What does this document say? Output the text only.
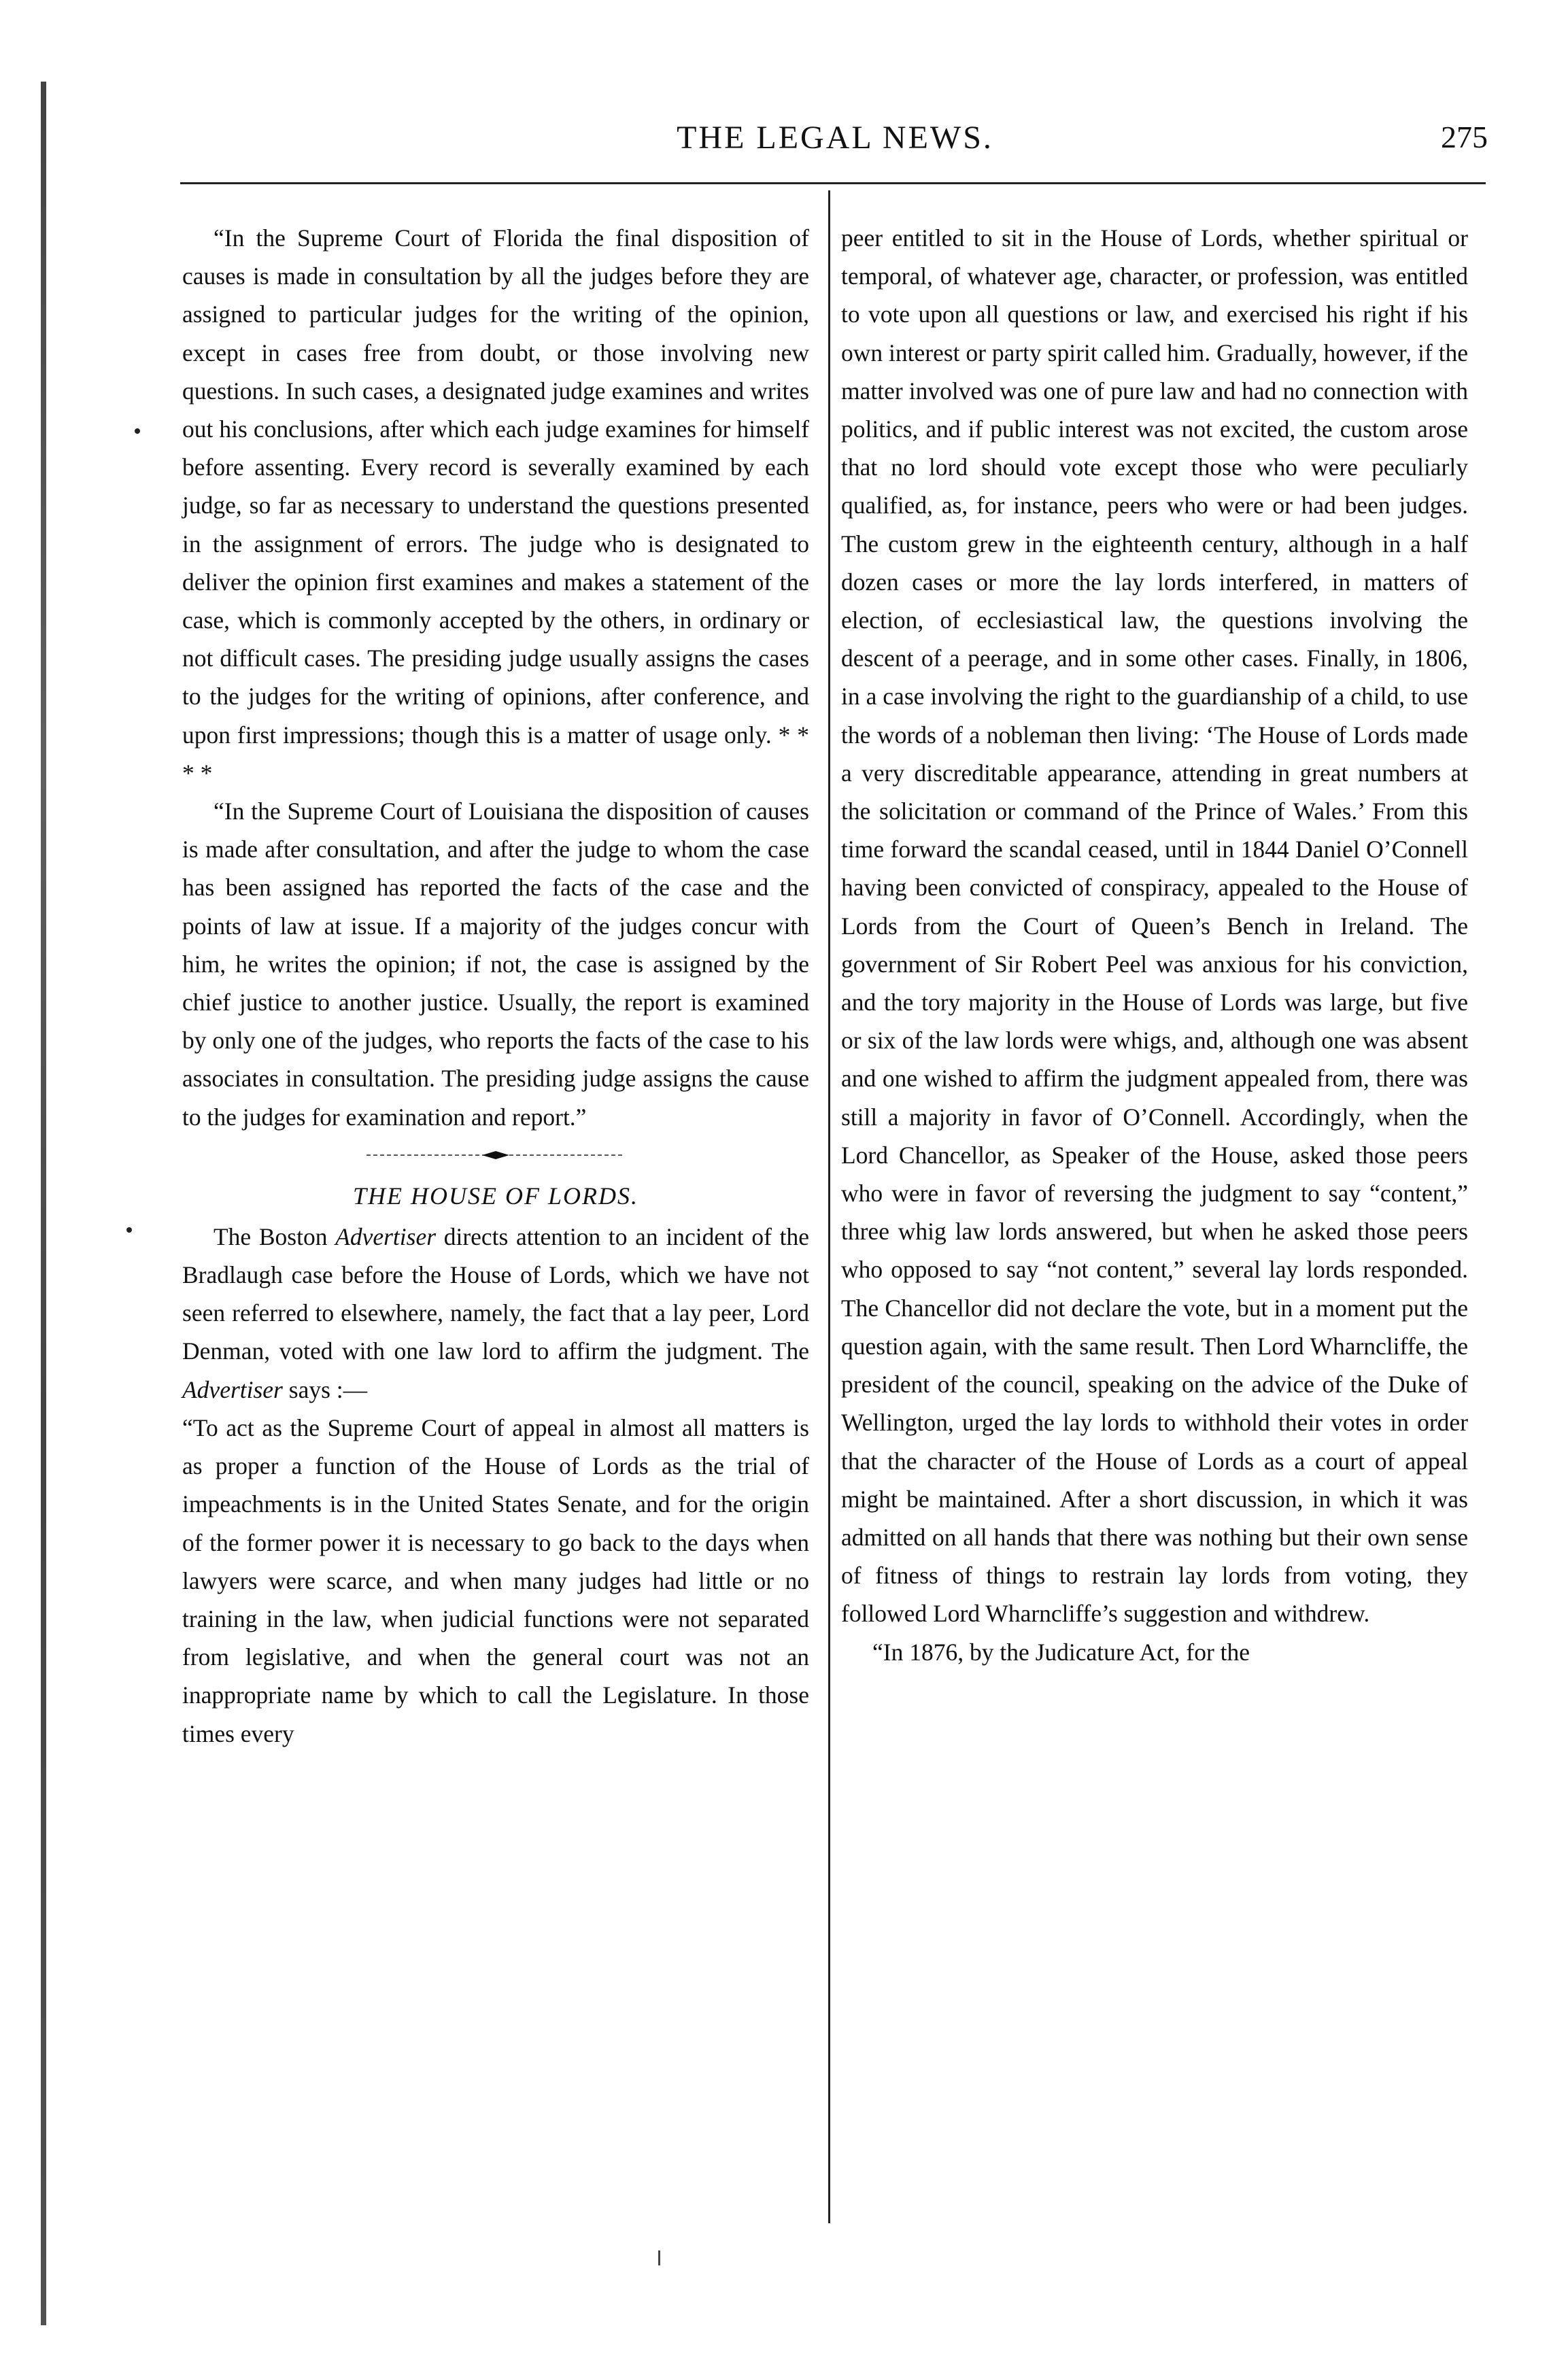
THE LEGAL NEWS.	275

“In the Supreme Court of Florida the final disposition of causes is made in consultation by all the judges before they are assigned to particular judges for the writing of the opinion, except in cases free from doubt, or those involving new questions. In such cases, a designated judge examines and writes out his conclusions, after which each judge examines for himself before assenting. Every record is severally examined by each judge, so far as necessary to understand the questions presented in the assignment of errors. The judge who is designated to deliver the opinion first examines and makes a statement of the case, which is commonly accepted by the others, in ordinary or not difficult cases. The presiding judge usually assigns the cases to the judges for the writing of opinions, after conference, and upon first impressions; though this is a matter of usage only. * * * *

“In the Supreme Court of Louisiana the disposition of causes is made after consultation, and after the judge to whom the case has been assigned has reported the facts of the case and the points of law at issue. If a majority of the judges concur with him, he writes the opinion; if not, the case is assigned by the chief justice to another justice. Usually, the report is examined by only one of the judges, who reports the facts of the case to his associates in consultation. The presiding judge assigns the cause to the judges for examination and report.”

THE HOUSE OF LORDS.

The Boston Advertiser directs attention to an incident of the Bradlaugh case before the House of Lords, which we have not seen referred to elsewhere, namely, the fact that a lay peer, Lord Denman, voted with one law lord to affirm the judgment. The Advertiser says :—

“To act as the Supreme Court of appeal in almost all matters is as proper a function of the House of Lords as the trial of impeachments is in the United States Senate, and for the origin of the former power it is necessary to go back to the days when lawyers were scarce, and when many judges had little or no training in the law, when judicial functions were not separated from legislative, and when the general court was not an inappropriate name by which to call the Legislature. In those times every

peer entitled to sit in the House of Lords, whether spiritual or temporal, of whatever age, character, or profession, was entitled to vote upon all questions or law, and exercised his right if his own interest or party spirit called him. Gradually, however, if the matter involved was one of pure law and had no connection with politics, and if public interest was not excited, the custom arose that no lord should vote except those who were peculiarly qualified, as, for instance, peers who were or had been judges. The custom grew in the eighteenth century, although in a half dozen cases or more the lay lords interfered, in matters of election, of ecclesiastical law, the questions involving the descent of a peerage, and in some other cases. Finally, in 1806, in a case involving the right to the guardianship of a child, to use the words of a nobleman then living: ‘The House of Lords made a very discreditable appearance, attending in great numbers at the solicitation or command of the Prince of Wales.’ From this time forward the scandal ceased, until in 1844 Daniel O’Connell having been convicted of conspiracy, appealed to the House of Lords from the Court of Queen’s Bench in Ireland. The government of Sir Robert Peel was anxious for his conviction, and the tory majority in the House of Lords was large, but five or six of the law lords were whigs, and, although one was absent and one wished to affirm the judgment appealed from, there was still a majority in favor of O’Connell. Accordingly, when the Lord Chancellor, as Speaker of the House, asked those peers who were in favor of reversing the judgment to say “content,” three whig law lords answered, but when he asked those peers who opposed to say “not content,” several lay lords responded. The Chancellor did not declare the vote, but in a moment put the question again, with the same result. Then Lord Wharncliffe, the president of the council, speaking on the advice of the Duke of Wellington, urged the lay lords to withhold their votes in order that the character of the House of Lords as a court of appeal might be maintained. After a short discussion, in which it was admitted on all hands that there was nothing but their own sense of fitness of things to restrain lay lords from voting, they followed Lord Wharncliffe’s suggestion and withdrew.

“In 1876, by the Judicature Act, for the
